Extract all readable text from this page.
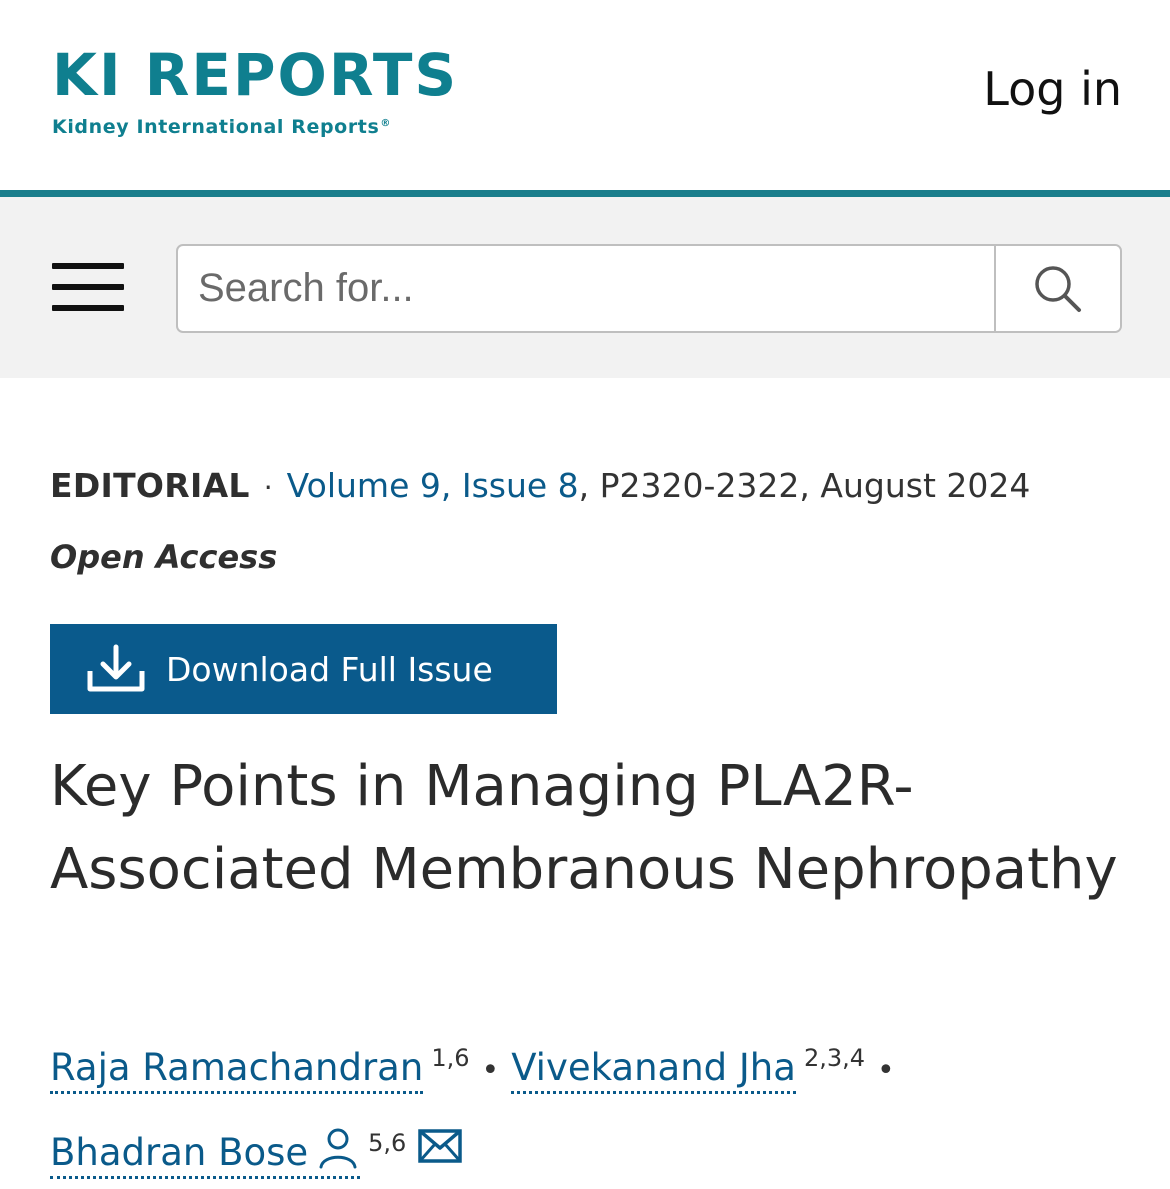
KI REPORTS
Kidney International Reports®
Log in
Search for...
EDITORIAL · Volume 9, Issue 8, P2320-2322, August 2024
Open Access
Download Full Issue
Key Points in Managing PLA2R-Associated Membranous Nephropathy
Raja Ramachandran $^{1,6}$ • Vivekanand Jha $^{2,3,4}$ •
Bhadran Bose	$^{5,6}$
